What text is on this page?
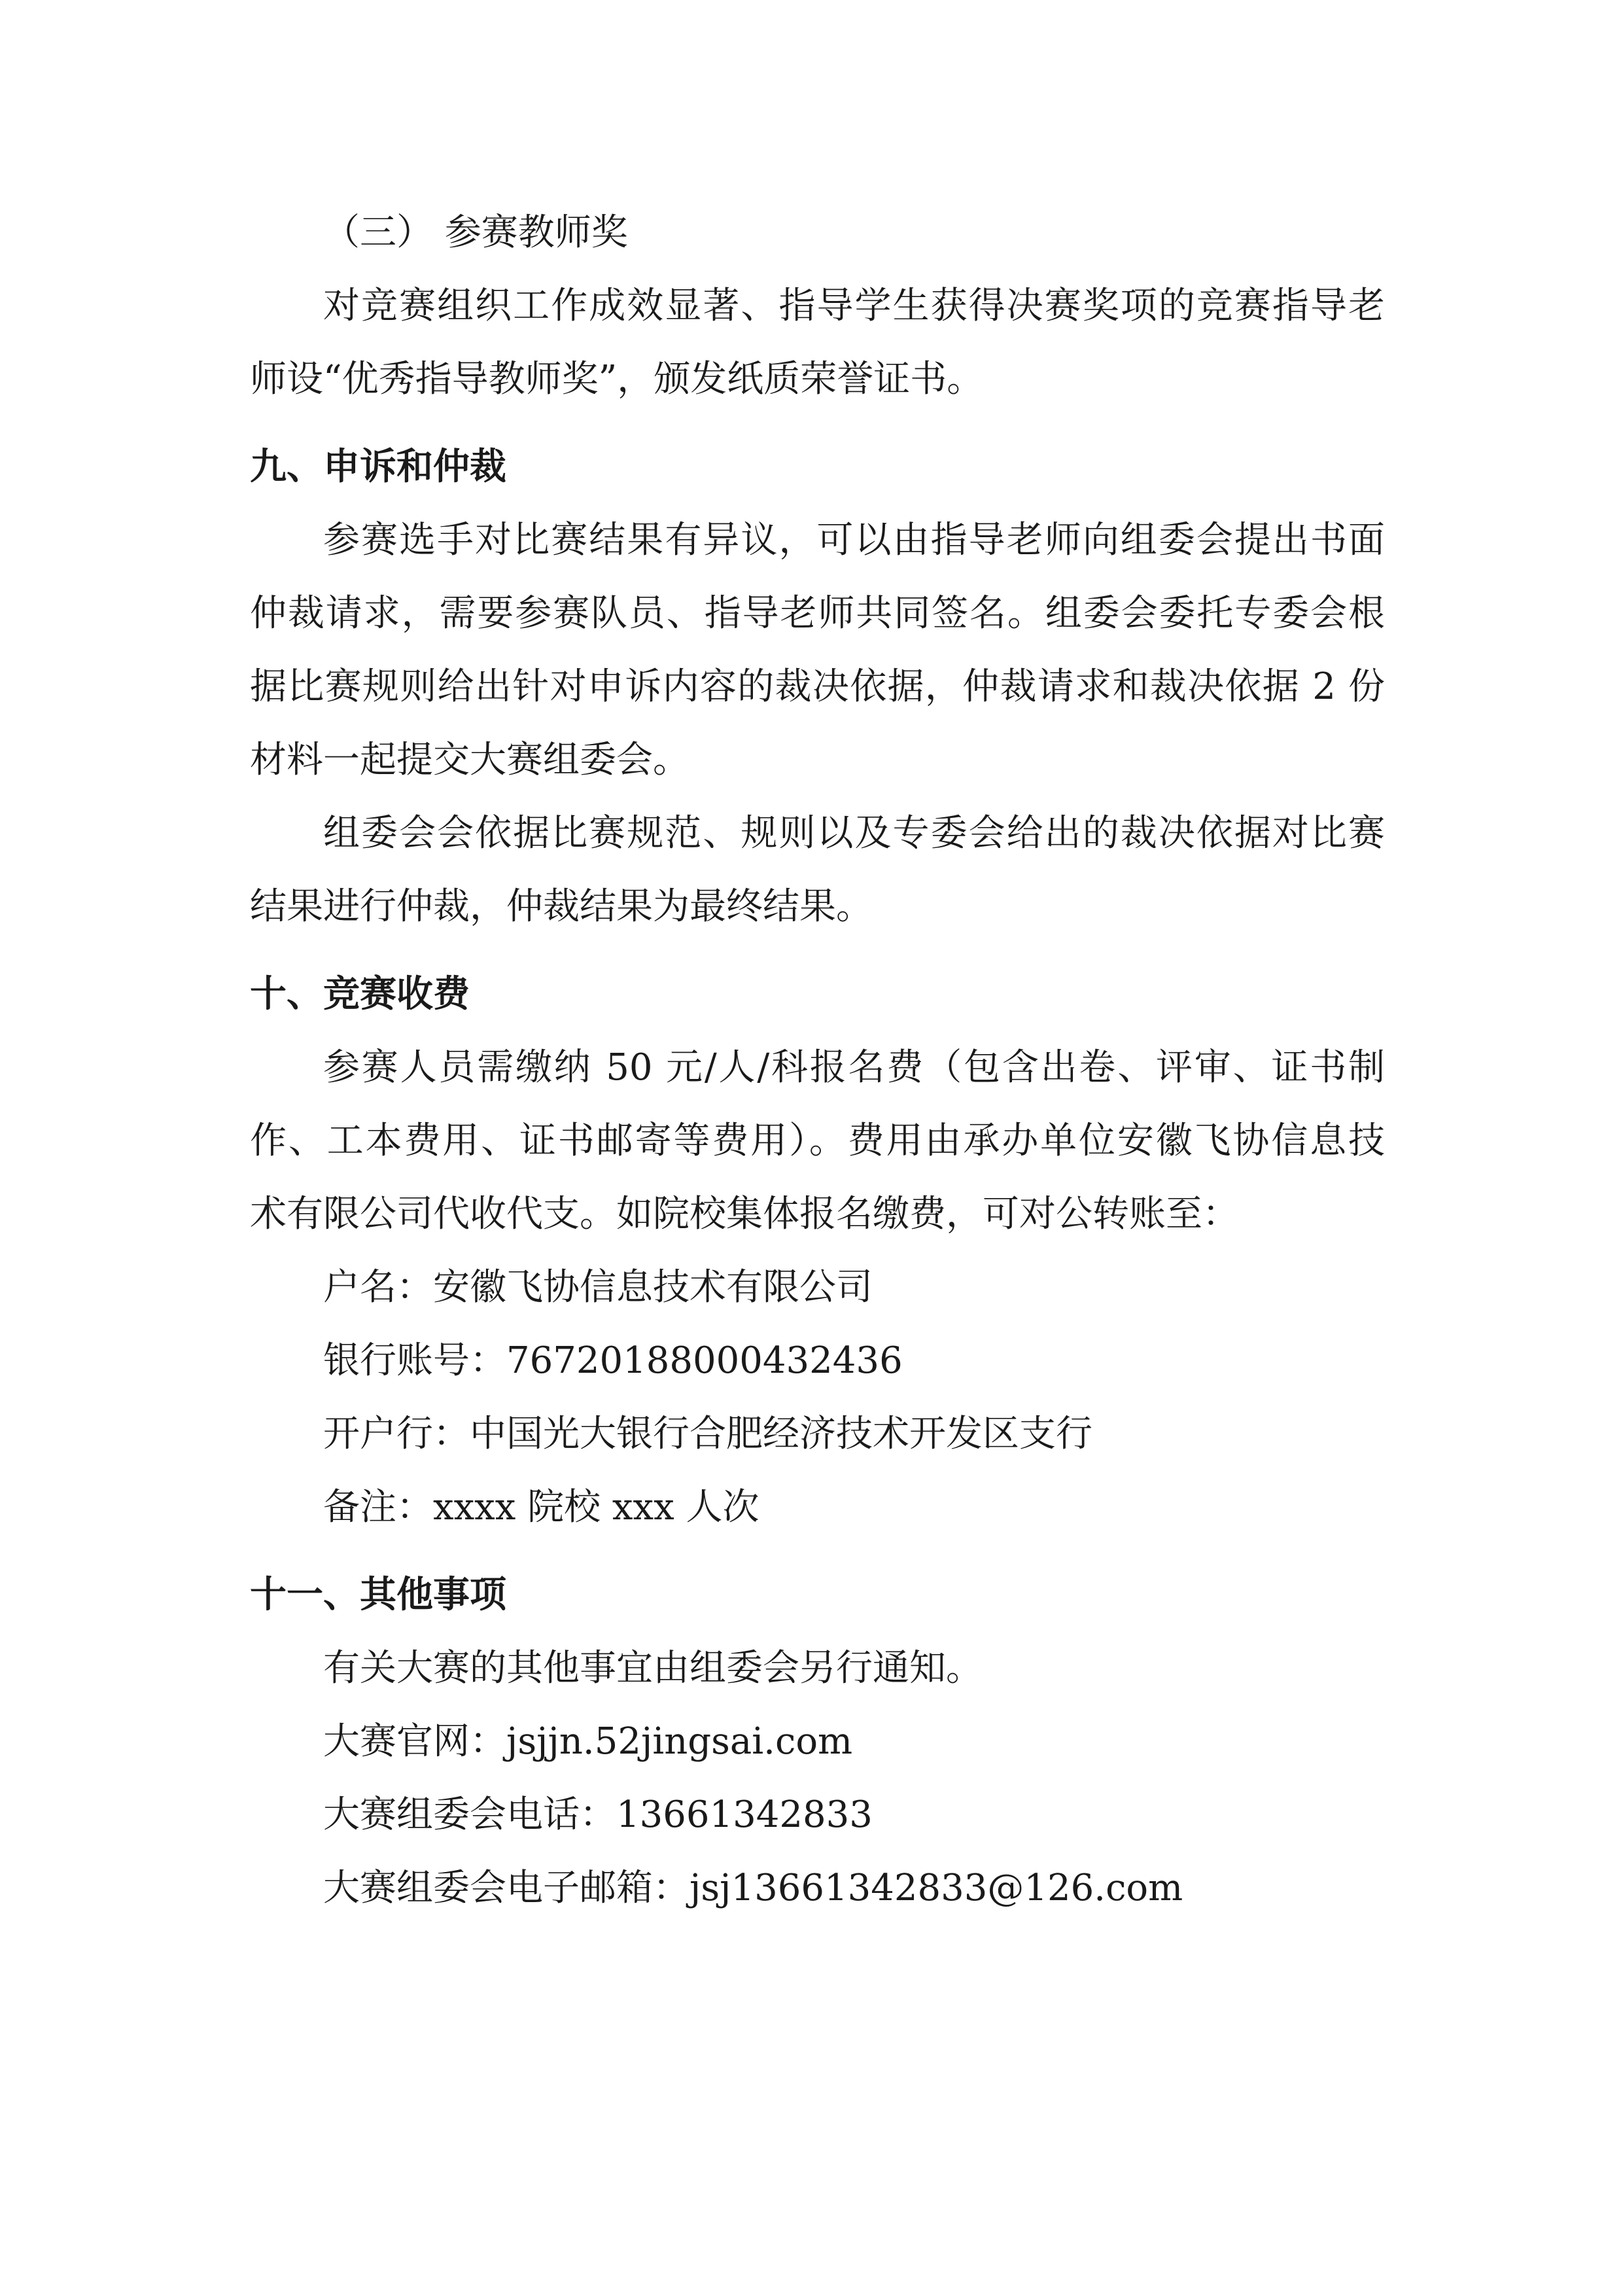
（三） 参赛教师奖
对竞赛组织工作成效显著、指导学生获得决赛奖项的竞赛指导老
师设“优秀指导教师奖”，颁发纸质荣誉证书。
九、申诉和仲裁
参赛选手对比赛结果有异议，可以由指导老师向组委会提出书面
仲裁请求，需要参赛队员、指导老师共同签名。组委会委托专委会根
据比赛规则给出针对申诉内容的裁决依据，仲裁请求和裁决依据 2 份
材料一起提交大赛组委会。
组委会会依据比赛规范、规则以及专委会给出的裁决依据对比赛
结果进行仲裁，仲裁结果为最终结果。
十、竞赛收费
参赛人员需缴纳 50 元/人/科报名费（包含出卷、评审、证书制
作、工本费用、证书邮寄等费用）。费用由承办单位安徽飞协信息技
术有限公司代收代支。如院校集体报名缴费，可对公转账至：
户名：安徽飞协信息技术有限公司
银行账号：76720188000432436
开户行：中国光大银行合肥经济技术开发区支行
备注：xxxx 院校 xxx 人次
十一、其他事项
有关大赛的其他事宜由组委会另行通知。
大赛官网：jsjjn.52jingsai.com
大赛组委会电话：13661342833
大赛组委会电子邮箱：jsj13661342833@126.com
